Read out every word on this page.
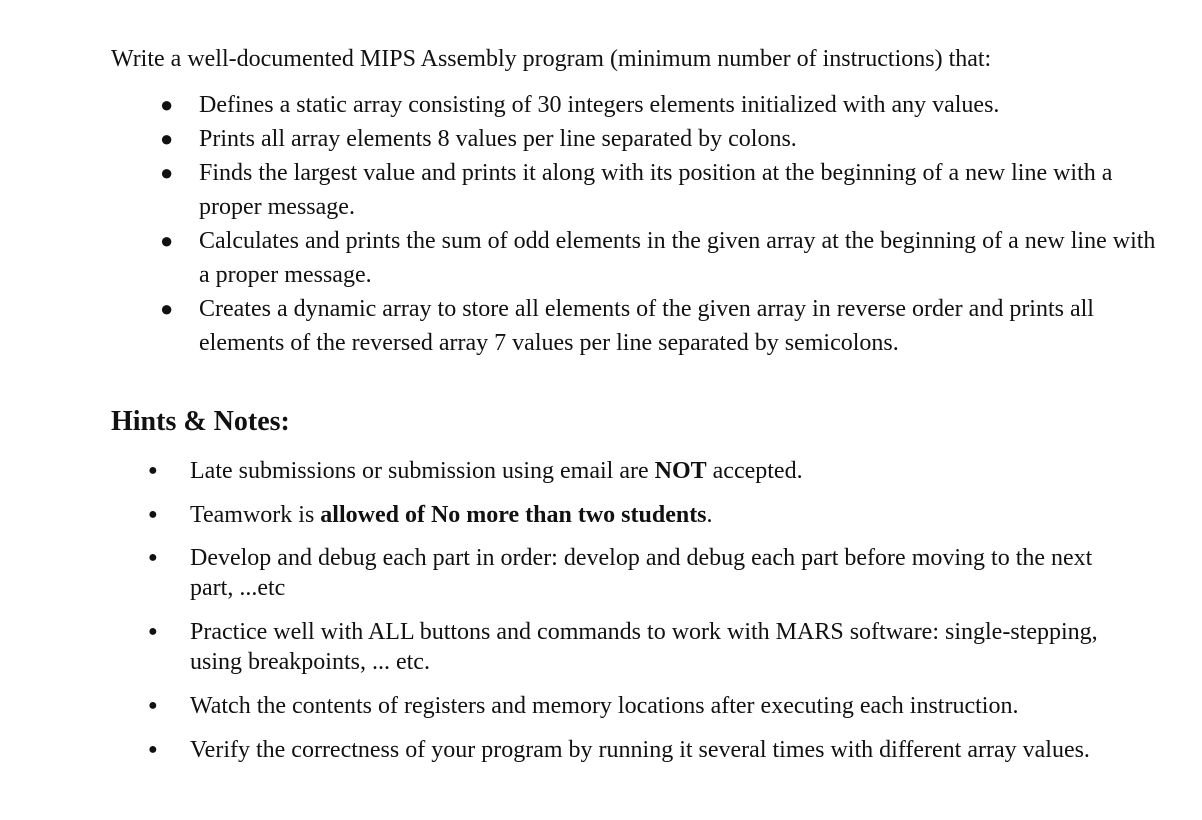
Write a well-documented MIPS Assembly program (minimum number of instructions) that:
● Defines a static array consisting of 30 integers elements initialized with any values.
● Prints all array elements 8 values per line separated by colons.
● Finds the largest value and prints it along with its position at the beginning of a new line with a proper message.
● Calculates and prints the sum of odd elements in the given array at the beginning of a new line with a proper message.
● Creates a dynamic array to store all elements of the given array in reverse order and prints all elements of the reversed array 7 values per line separated by semicolons.
Hints & Notes:
● Late submissions or submission using email are NOT accepted.
● Teamwork is allowed of No more than two students.
● Develop and debug each part in order: develop and debug each part before moving to the next part, ...etc
● Practice well with ALL buttons and commands to work with MARS software: single-stepping, using breakpoints, ... etc.
● Watch the contents of registers and memory locations after executing each instruction.
● Verify the correctness of your program by running it several times with different array values.
